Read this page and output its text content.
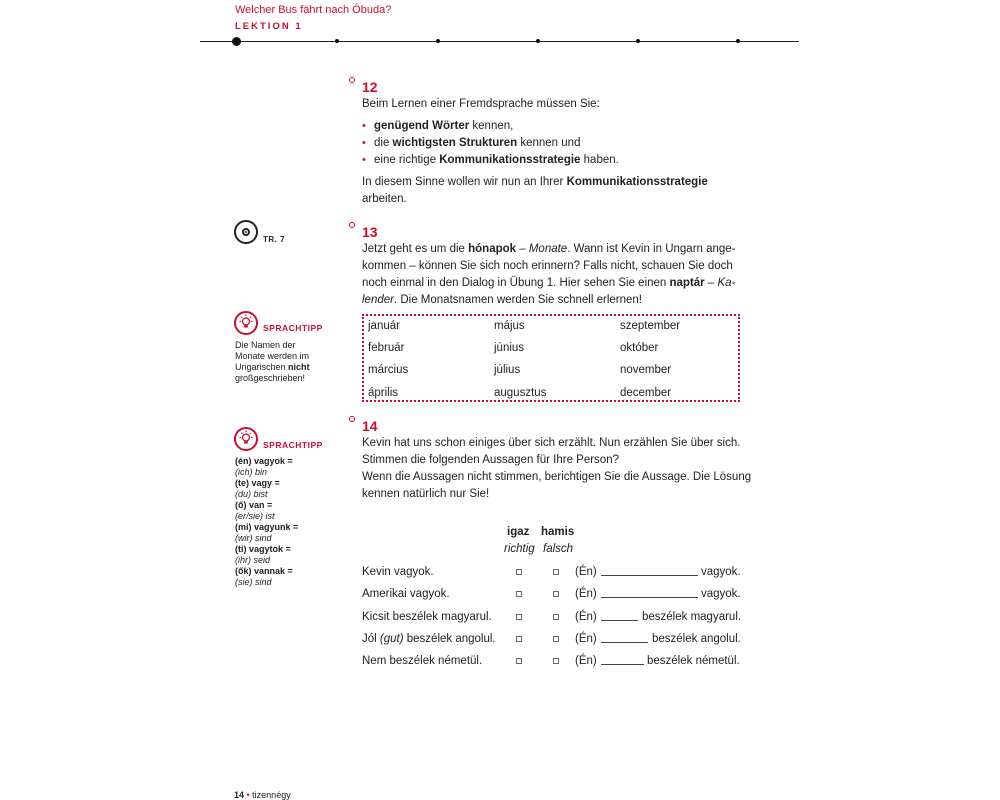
Welcher Bus fährt nach Óbuda?
LEKTION 1
12
Beim Lernen einer Fremdsprache müssen Sie:
• genügend Wörter kennen,
• die wichtigsten Strukturen kennen und
• eine richtige Kommunikationsstrategie haben.
In diesem Sinne wollen wir nun an Ihrer Kommunikationsstrategie
arbeiten.
TR. 7	13
Jetzt geht es um die hónapok – Monate. Wann ist Kevin in Ungarn ange-
kommen – können Sie sich noch erinnern? Falls nicht, schauen Sie doch
noch einmal in den Dialog in Übung 1. Hier sehen Sie einen naptár – Ka-
lender. Die Monatsnamen werden Sie schnell erlernen!
január	május	szeptember
február	június	október
március	július	november
április	augusztus	december
SPRACHTIPP
Die Namen der
Monate werden im
Ungarischen nicht
großgeschrieben!
14
Kevin hat uns schon einiges über sich erzählt. Nun erzählen Sie über sich.
Stimmen die folgenden Aussagen für Ihre Person?
Wenn die Aussagen nicht stimmen, berichtigen Sie die Aussage. Die Lösung
kennen natürlich nur Sie!
SPRACHTIPP
(én) vagyok =
(ich) bin
(te) vagy =
(du) bist
(ő) van =
(er/sie) ist
(mi) vagyunk =
(wir) sind
(ti) vagytok =
(ihr) seid
(ők) vannak =
(sie) sind
igaz hamis
richtig falsch
Kevin vagyok.	(Én)	vagyok.
Amerikai vagyok.	(Én)	vagyok.
Kicsit beszélek magyarul.	(Én)	beszélek magyarul.
Jól (gut) beszélek angolul.	(Én)	beszélek angolul.
Nem beszélek németül.	(Én)	beszélek németül.
14 • tizennégy
